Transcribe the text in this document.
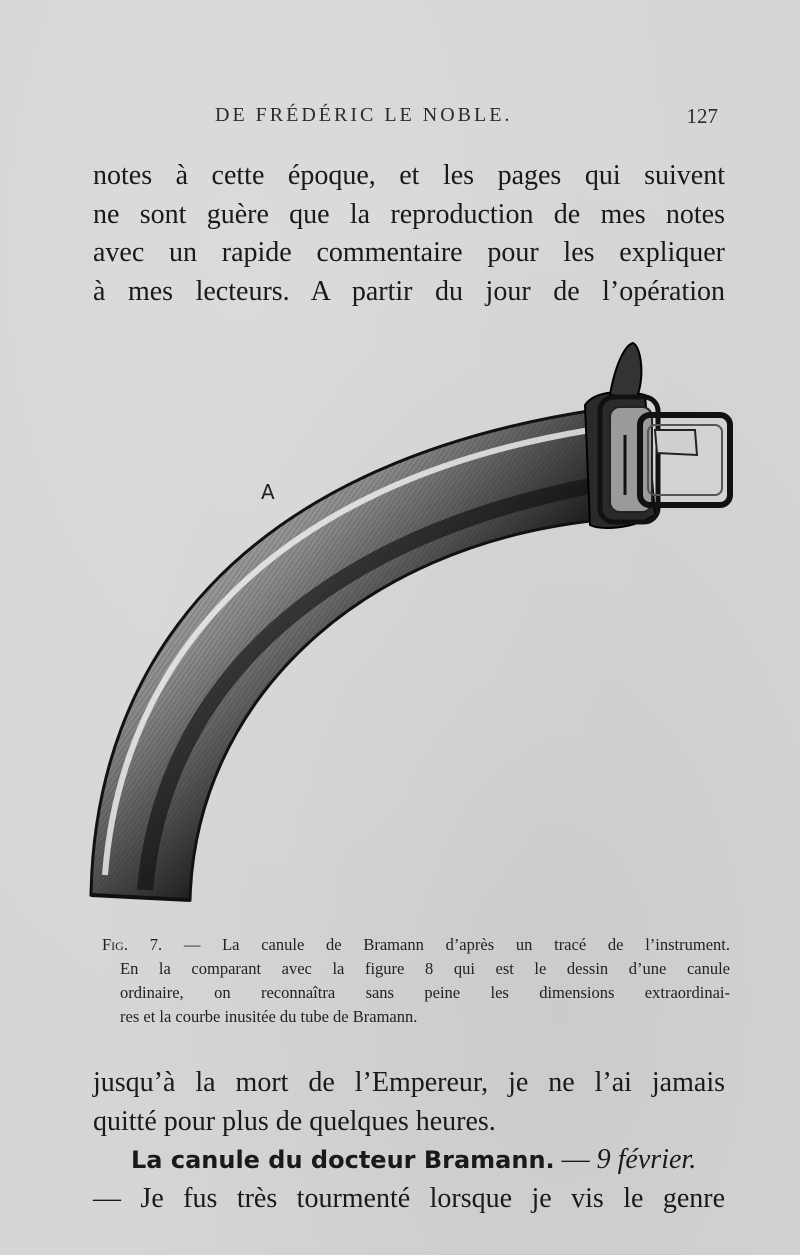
DE FRÉDÉRIC LE NOBLE.	127
notes à cette époque, et les pages qui suivent
ne sont guère que la reproduction de mes notes
avec un rapide commentaire pour les expliquer
à mes lecteurs. A partir du jour de l’opération
A
Fig. 7. — La canule de Bramann d’après un tracé de l’instrument.
En la comparant avec la figure 8 qui est le dessin d’une canule
ordinaire, on reconnaîtra sans peine les dimensions extraordinai-
res et la courbe inusitée du tube de Bramann.
jusqu’à la mort de l’Empereur, je ne l’ai jamais
quitté pour plus de quelques heures.
La canule du docteur Bramann. — 9 février.
— Je fus très tourmenté lorsque je vis le genre
